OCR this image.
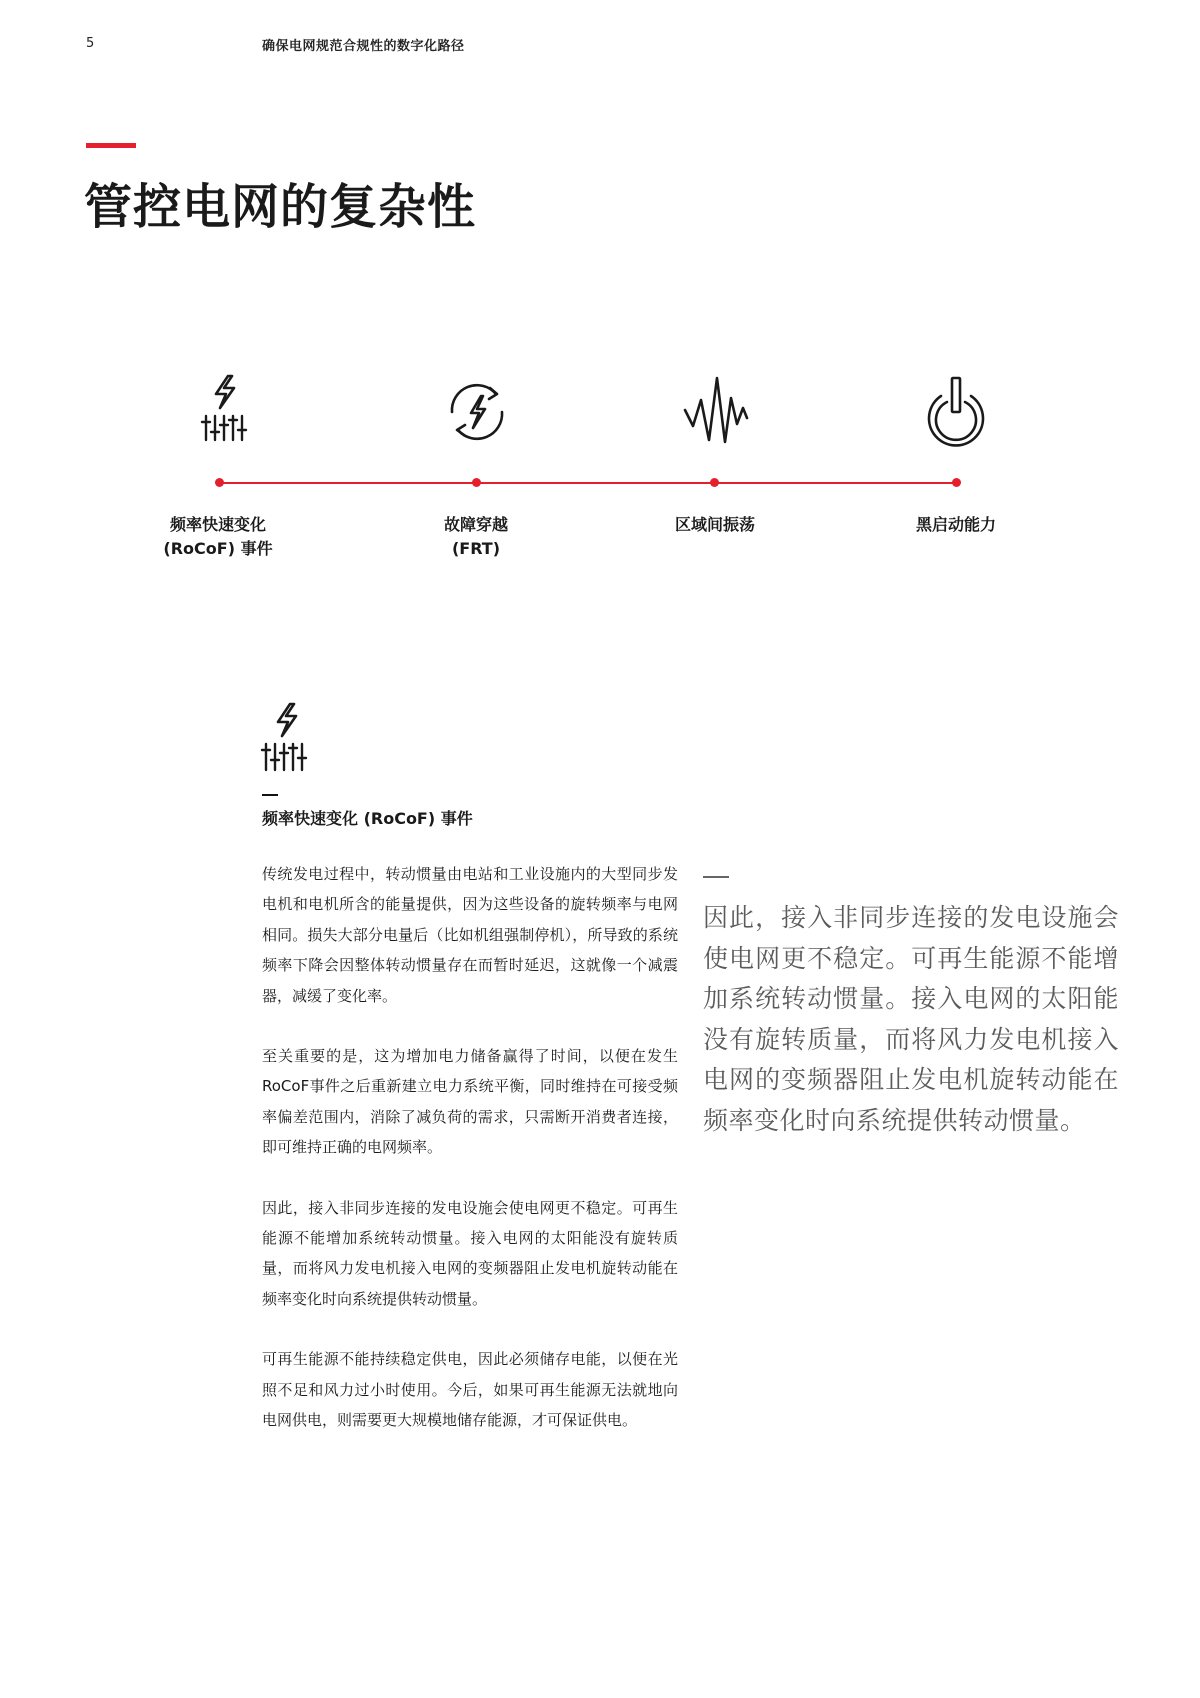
5	确保电网规范合规性的数字化路径
管控电网的复杂性
频率快速变化
(RoCoF) 事件
故障穿越
(FRT)
区域间振荡	黑启动能力
频率快速变化 (RoCoF) 事件

传统发电过程中，转动惯量由电站和工业设施内的大型同步发电机和电机所含的能量提供，因为这些设备的旋转频率与电网相同。损失大部分电量后（比如机组强制停机），所导致的系统频率下降会因整体转动惯量存在而暂时延迟，这就像一个减震器，减缓了变化率。

至关重要的是，这为增加电力储备赢得了时间，以便在发生RoCoF事件之后重新建立电力系统平衡，同时维持在可接受频率偏差范围内，消除了减负荷的需求，只需断开消费者连接，即可维持正确的电网频率。

因此，接入非同步连接的发电设施会使电网更不稳定。可再生能源不能增加系统转动惯量。接入电网的太阳能没有旋转质量，而将风力发电机接入电网的变频器阻止发电机旋转动能在频率变化时向系统提供转动惯量。

可再生能源不能持续稳定供电，因此必须储存电能，以便在光照不足和风力过小时使用。今后，如果可再生能源无法就地向电网供电，则需要更大规模地储存能源，才可保证供电。

因此，接入非同步连接的发电设施会使电网更不稳定。可再生能源不能增加系统转动惯量。接入电网的太阳能没有旋转质量，而将风力发电机接入电网的变频器阻止发电机旋转动能在频率变化时向系统提供转动惯量。
